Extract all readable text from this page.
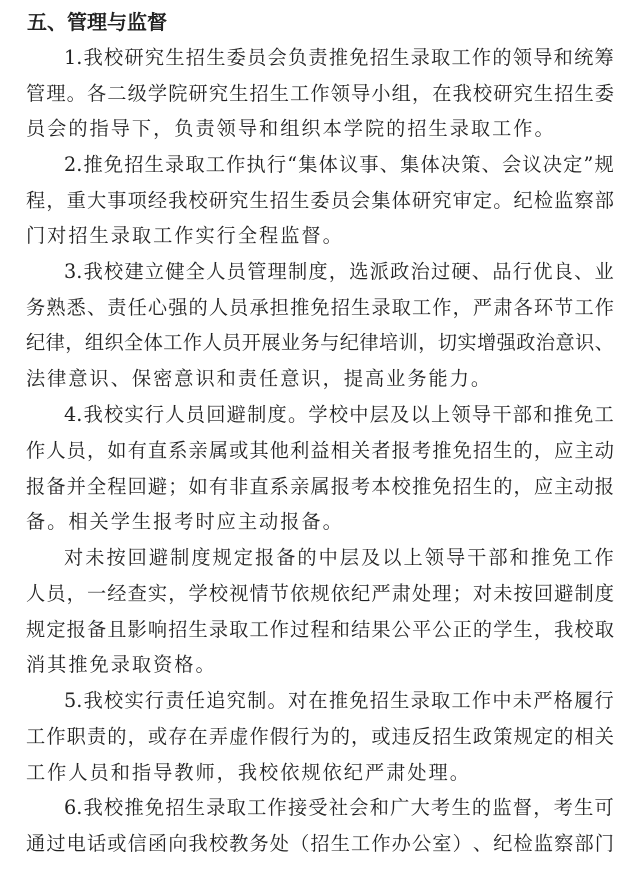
五、管理与监督
1. 我 校 研 究 生 招 生 委 员 会 负 责 推 免 招 生 录 取 工 作 的 领 导 和 统 筹
管 理 。 各 二 级 学 院 研 究 生 招 生 工 作 领 导 小 组 ， 在 我 校 研 究 生 招 生 委
员会的指导下，负责领导和组织本学院的招生录取工作。
2. 推 免 招 生 录 取 工 作 执 行 “ 集 体 议 事 、 集 体 决 策 、 会 议 决 定 ” 规
程 ， 重 大 事 项 经 我 校 研 究 生 招 生 委 员 会 集 体 研 究 审 定 。 纪 检 监 察 部
门对招生录取工作实行全程监督。
3. 我 校 建 立 健 全 人 员 管 理 制 度 ， 选 派 政 治 过 硬 、 品 行 优 良 、 业
务 熟 悉 、 责 任 心 强 的 人 员 承 担 推 免 招 生 录 取 工 作 ， 严 肃 各 环 节 工 作
纪 律 ， 组 织 全 体 工 作 人 员 开 展 业 务 与 纪 律 培 训 ， 切 实 增 强 政 治 意 识 、
法律意识、保密意识和责任意识，提高业务能力。
4. 我 校 实 行 人 员 回 避 制 度 。 学 校 中 层 及 以 上 领 导 干 部 和 推 免 工
作 人 员 ， 如 有 直 系 亲 属 或 其 他 利 益 相 关 者 报 考 推 免 招 生 的 ， 应 主 动
报 备 并 全 程 回 避 ； 如 有 非 直 系 亲 属 报 考 本 校 推 免 招 生 的 ， 应 主 动 报
备。相关学生报考时应主动报备。
对 未 按 回 避 制 度 规 定 报 备 的 中 层 及 以 上 领 导 干 部 和 推 免 工 作
人 员 ， 一 经 查 实 ， 学 校 视 情 节 依 规 依 纪 严 肃 处 理 ； 对 未 按 回 避 制 度
规 定 报 备 且 影 响 招 生 录 取 工 作 过 程 和 结 果 公 平 公 正 的 学 生 ， 我 校 取
消其推免录取资格。
5. 我 校 实 行 责 任 追 究 制 。 对 在 推 免 招 生 录 取 工 作 中 未 严 格 履 行
工 作 职 责 的 ， 或 存 在 弄 虚 作 假 行 为 的 ， 或 违 反 招 生 政 策 规 定 的 相 关
工作人员和指导教师，我校依规依纪严肃处理。
6. 我 校 推 免 招 生 录 取 工 作 接 受 社 会 和 广 大 考 生 的 监 督 ， 考 生 可
通 过 电 话 或 信 函 向 我 校 教 务 处 （ 招 生 工 作 办 公 室 ） 、 纪 检 监 察 部 门
